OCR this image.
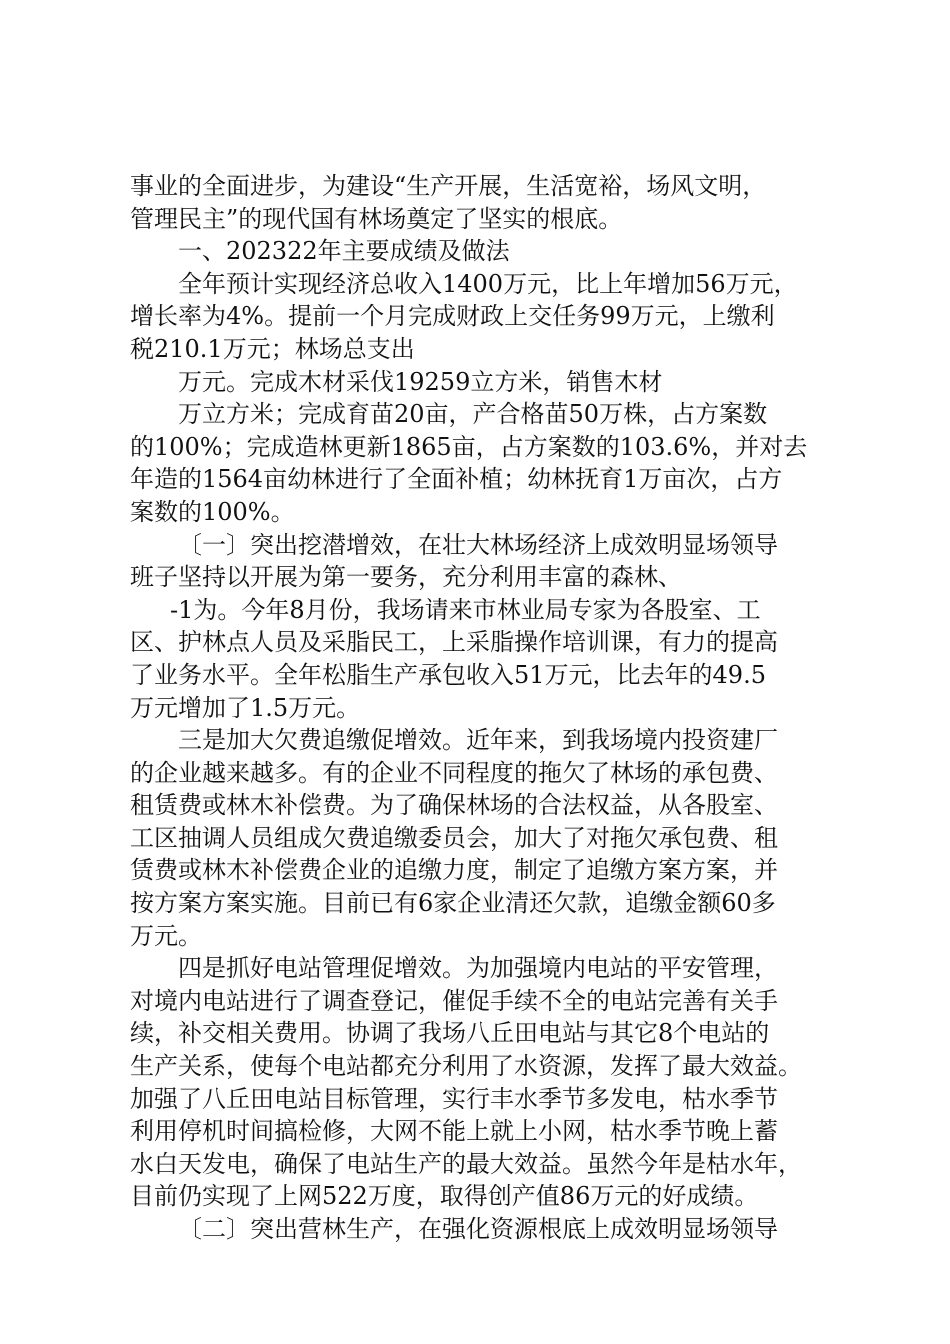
事业的全面进步，为建设“生产开展，生活宽裕，场风文明，
管理民主”的现代国有林场奠定了坚实的根底。
一、202322年主要成绩及做法
全年预计实现经济总收入1400万元，比上年增加56万元，
增长率为4%。提前一个月完成财政上交任务99万元，上缴利
税210.1万元；林场总支出
万元。完成木材采伐19259立方米，销售木材
万立方米；完成育苗20亩，产合格苗50万株，占方案数
的100%；完成造林更新1865亩，占方案数的103.6%，并对去
年造的1564亩幼林进行了全面补植；幼林抚育1万亩次，占方
案数的100%。
〔一〕突出挖潜增效，在壮大林场经济上成效明显场领导
班子坚持以开展为第一要务，充分利用丰富的森林、
-1为。今年8月份，我场请来市林业局专家为各股室、工
区、护林点人员及采脂民工，上采脂操作培训课，有力的提高
了业务水平。全年松脂生产承包收入51万元，比去年的49.5
万元增加了1.5万元。
三是加大欠费追缴促增效。近年来，到我场境内投资建厂
的企业越来越多。有的企业不同程度的拖欠了林场的承包费、
租赁费或林木补偿费。为了确保林场的合法权益，从各股室、
工区抽调人员组成欠费追缴委员会，加大了对拖欠承包费、租
赁费或林木补偿费企业的追缴力度，制定了追缴方案方案，并
按方案方案实施。目前已有6家企业清还欠款，追缴金额60多
万元。
四是抓好电站管理促增效。为加强境内电站的平安管理，
对境内电站进行了调查登记，催促手续不全的电站完善有关手
续，补交相关费用。协调了我场八丘田电站与其它8个电站的
生产关系，使每个电站都充分利用了水资源，发挥了最大效益。
加强了八丘田电站目标管理，实行丰水季节多发电，枯水季节
利用停机时间搞检修，大网不能上就上小网，枯水季节晚上蓄
水白天发电，确保了电站生产的最大效益。虽然今年是枯水年，
目前仍实现了上网522万度，取得创产值86万元的好成绩。
〔二〕突出营林生产，在强化资源根底上成效明显场领导
